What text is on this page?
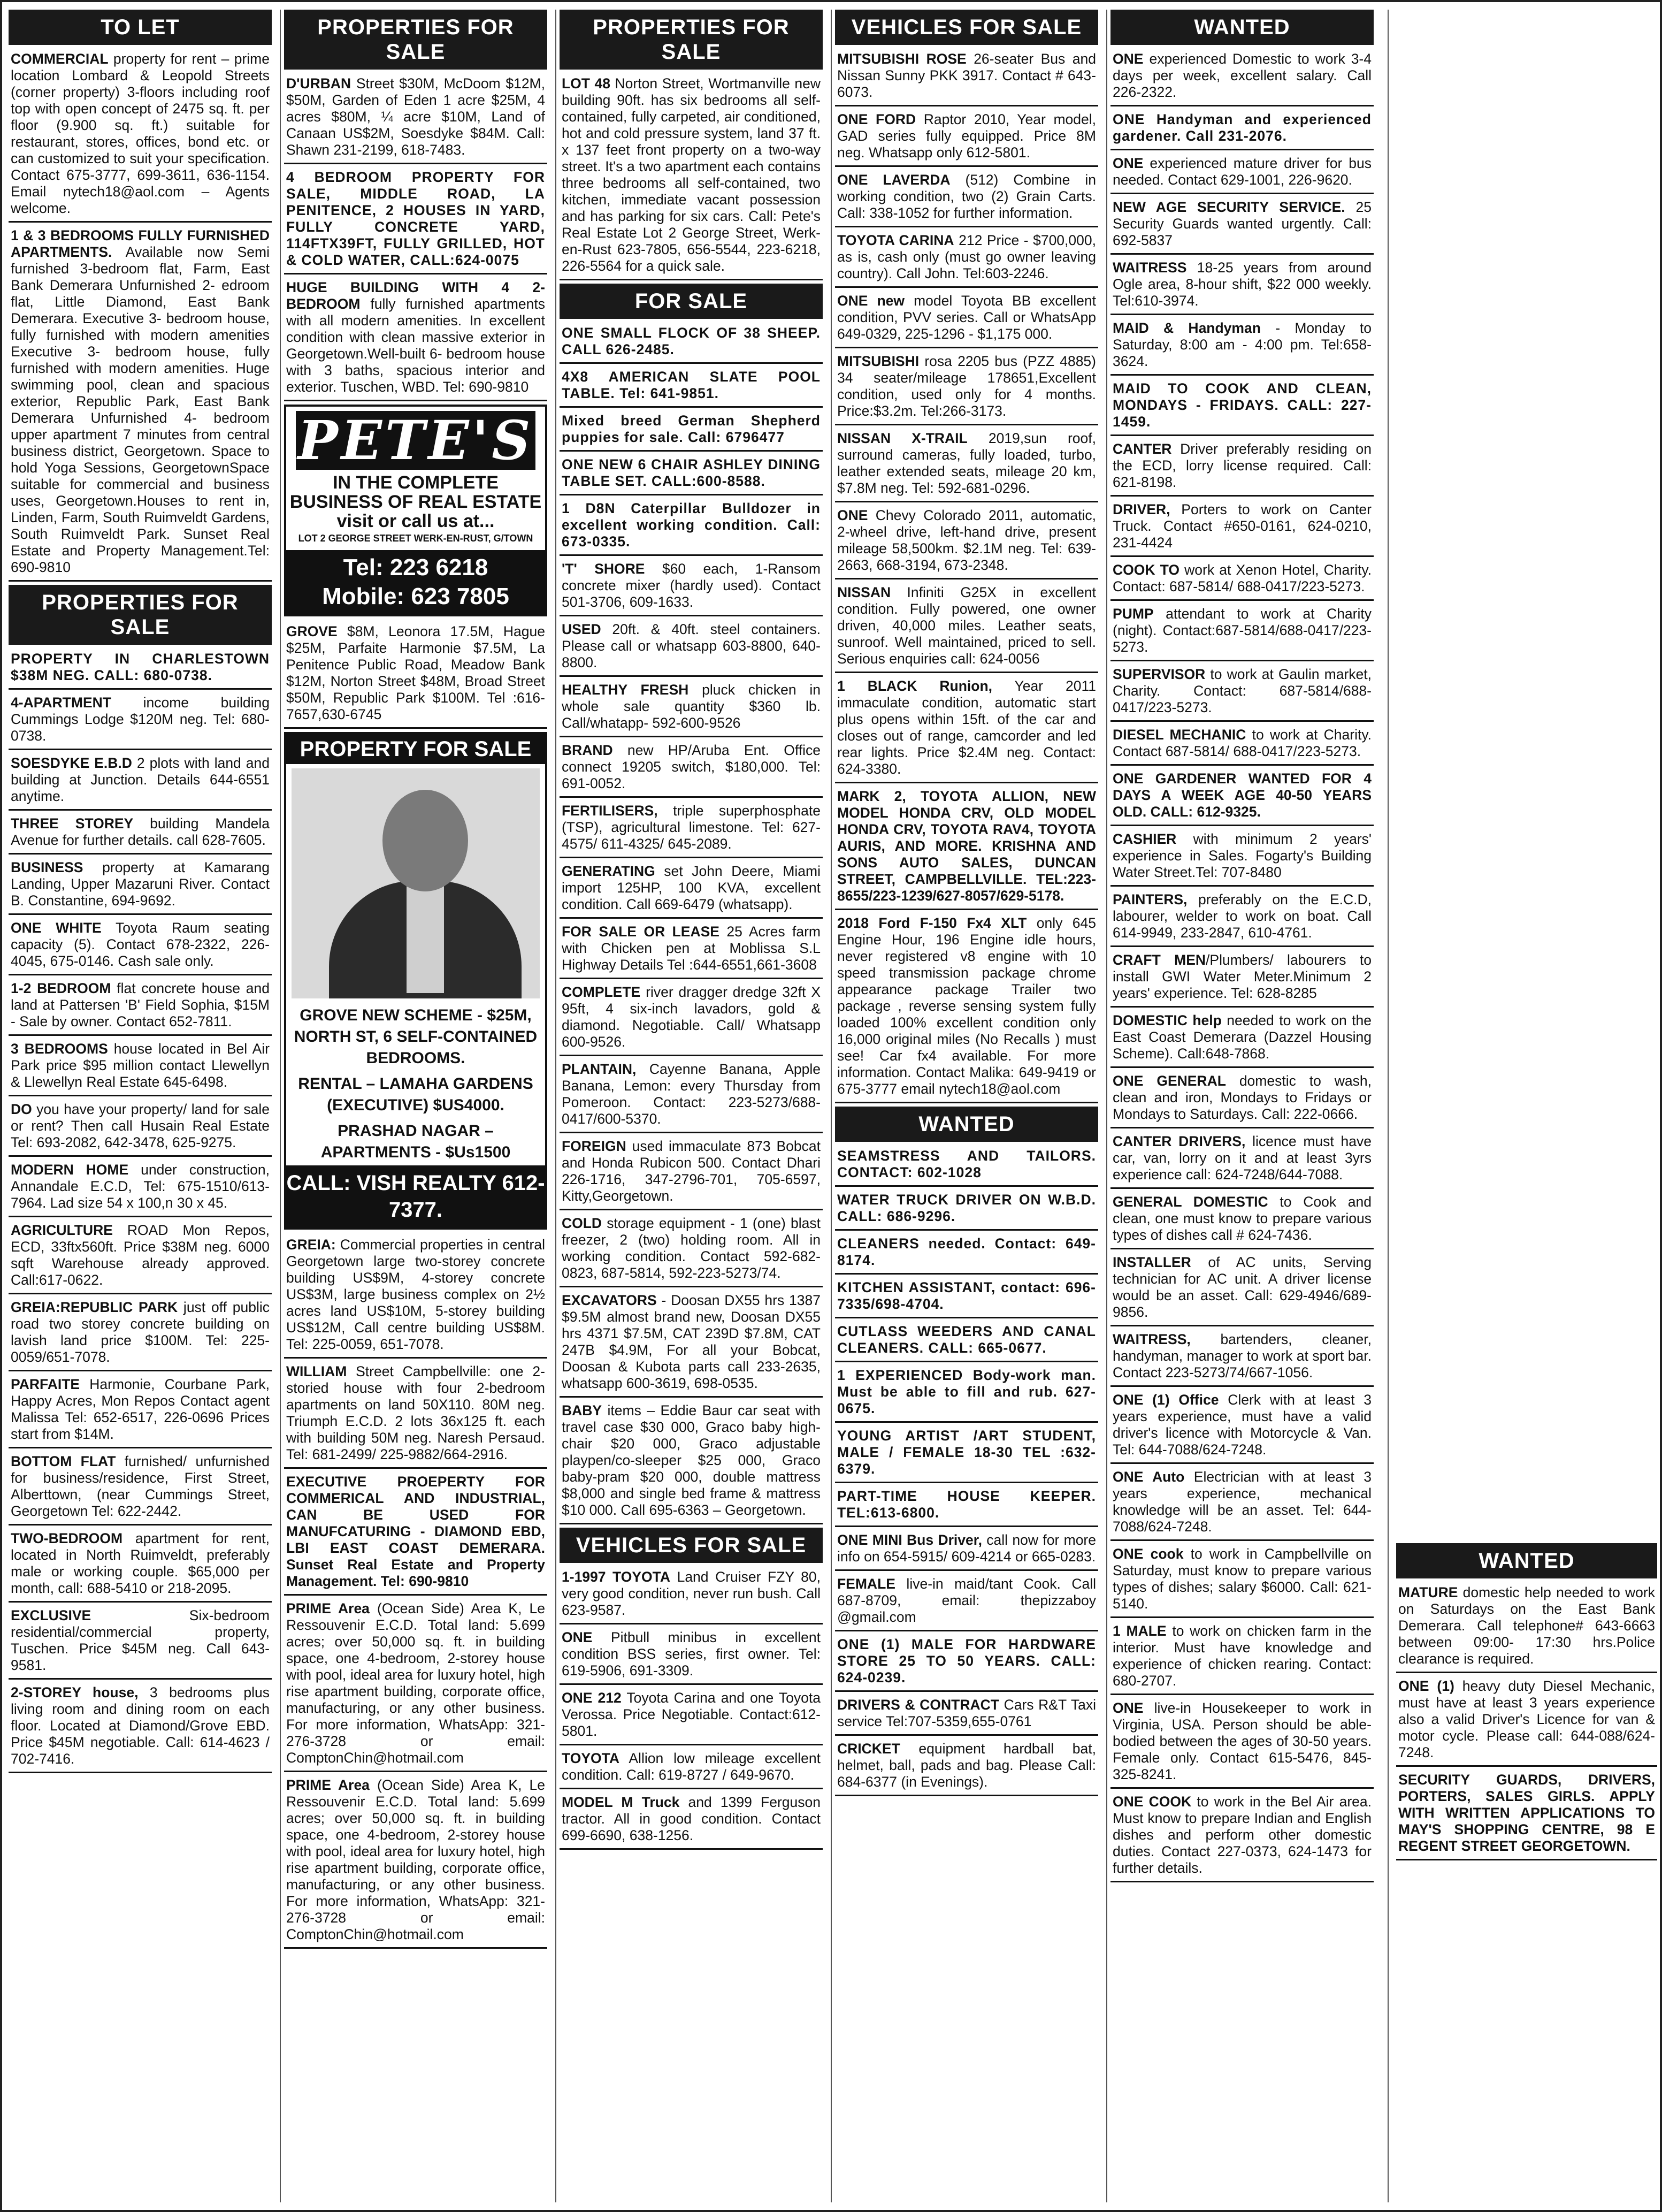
TO LET
COMMERCIAL property for rent – prime location Lombard & Leopold Streets (corner property) 3-floors including roof top with open concept of 2475 sq. ft. per floor (9.900 sq. ft.) suitable for restaurant, stores, offices, bond etc. or can customized to suit your specification. Contact 675-3777, 699-3611, 636-1154. Email nytech18@aol.com – Agents welcome.
1 & 3 BEDROOMS FULLY FURNISHED APARTMENTS. Available now Semi furnished 3-bedroom flat, Farm, East Bank Demerara Unfurnished 2- edroom flat, Little Diamond, East Bank Demerara. Executive 3- bedroom house, fully furnished with modern amenities Executive 3- bedroom house, fully furnished with modern amenities. Huge swimming pool, clean and spacious exterior, Republic Park, East Bank Demerara Unfurnished 4- bedroom upper apartment 7 minutes from central business district, Georgetown. Space to hold Yoga Sessions, GeorgetownSpace suitable for commercial and business uses, Georgetown.Houses to rent in, Linden, Farm, South Ruimveldt Gardens, South Ruimveldt Park. Sunset Real Estate and Property Management.Tel: 690-9810
PROPERTIES FOR SALE
PROPERTY IN CHARLESTOWN $38M NEG. CALL: 680-0738.
4-APARTMENT income building Cummings Lodge $120M neg. Tel: 680-0738.
SOESDYKE E.B.D 2 plots with land and building at Junction. Details 644-6551 anytime.
THREE STOREY building Mandela Avenue for further details. call 628-7605.
BUSINESS property at Kamarang Landing, Upper Mazaruni River. Contact B. Constantine, 694-9692.
ONE WHITE Toyota Raum seating capacity (5). Contact 678-2322, 226-4045, 675-0146. Cash sale only.
1-2 BEDROOM flat concrete house and land at Pattersen 'B' Field Sophia, $15M - Sale by owner. Contact 652-7811.
3 BEDROOMS house located in Bel Air Park price $95 million contact Llewellyn & Llewellyn Real Estate 645-6498.
DO you have your property/ land for sale or rent? Then call Husain Real Estate Tel: 693-2082, 642-3478, 625-9275.
MODERN HOME under construction, Annandale E.C.D, Tel: 675-1510/613-7964. Lad size 54 x 100,n 30 x 45.
AGRICULTURE ROAD Mon Repos, ECD, 33ftx560ft. Price $38M neg. 6000 sqft Warehouse already approved. Call:617-0622.
GREIA:REPUBLIC PARK just off public road two storey concrete building on lavish land price $100M. Tel: 225-0059/651-7078.
PARFAITE Harmonie, Courbane Park, Happy Acres, Mon Repos Contact agent Malissa Tel: 652-6517, 226-0696 Prices start from $14M.
BOTTOM FLAT furnished/ unfurnished for business/residence, First Street, Alberttown, (near Cummings Street, Georgetown Tel: 622-2442.
TWO-BEDROOM apartment for rent, located in North Ruimveldt, preferably male or working couple. $65,000 per month, call: 688-5410 or 218-2095.
EXCLUSIVE Six-bedroom residential/commercial property, Tuschen. Price $45M neg. Call 643-9581.
2-STOREY house, 3 bedrooms plus living room and dining room on each floor. Located at Diamond/Grove EBD. Price $45M negotiable. Call: 614-4623 / 702-7416.
PROPERTIES FOR SALE
D'URBAN Street $30M, McDoom $12M, $50M, Garden of Eden 1 acre $25M, 4 acres $80M, ¼ acre $10M, Land of Canaan US$2M, Soesdyke $84M. Call: Shawn 231-2199, 618-7483.
4 BEDROOM PROPERTY FOR SALE, MIDDLE ROAD, LA PENITENCE, 2 HOUSES IN YARD, FULLY CONCRETE YARD, 114FTX39FT, FULLY GRILLED, HOT & COLD WATER, CALL:624-0075
HUGE BUILDING WITH 4 2- BEDROOM fully furnished apartments with all modern amenities. In excellent condition with clean massive exterior in Georgetown.Well-built 6- bedroom house with 3 baths, spacious interior and exterior. Tuschen, WBD. Tel: 690-9810
PETE'S
IN THE COMPLETE BUSINESS OF REAL ESTATE visit or call us at...
LOT 2 GEORGE STREET WERK-EN-RUST, G/TOWN
Tel: 223 6218
Mobile: 623 7805
GROVE $8M, Leonora 17.5M, Hague $25M, Parfaite Harmonie $7.5M, La Penitence Public Road, Meadow Bank $12M, Norton Street $48M, Broad Street $50M, Republic Park $100M. Tel :616-7657,630-6745
PROPERTY FOR SALE
GROVE NEW SCHEME - $25M, NORTH ST, 6 SELF-CONTAINED BEDROOMS.
RENTAL – LAMAHA GARDENS (EXECUTIVE) $US4000.
PRASHAD NAGAR – APARTMENTS - $Us1500
CALL: VISH REALTY 612-7377.
GREIA: Commercial properties in central Georgetown large two-storey concrete building US$9M, 4-storey concrete US$3M, large business complex on 2½ acres land US$10M, 5-storey building US$12M, Call centre building US$8M. Tel: 225-0059, 651-7078.
WILLIAM Street Campbellville: one 2-storied house with four 2-bedroom apartments on land 50X110. 80M neg. Triumph E.C.D. 2 lots 36x125 ft. each with building 50M neg. Naresh Persaud. Tel: 681-2499/ 225-9882/664-2916.
EXECUTIVE PROEPERTY FOR COMMERICAL AND INDUSTRIAL, CAN BE USED FOR MANUFCATURING - DIAMOND EBD, LBI EAST COAST DEMERARA. Sunset Real Estate and Property Management. Tel: 690-9810
PRIME Area (Ocean Side) Area K, Le Ressouvenir E.C.D. Total land: 5.699 acres; over 50,000 sq. ft. in building space, one 4-bedroom, 2-storey house with pool, ideal area for luxury hotel, high rise apartment building, corporate office, manufacturing, or any other business. For more information, WhatsApp: 321-276-3728 or email: ComptonChin@hotmail.com
PRIME Area (Ocean Side) Area K, Le Ressouvenir E.C.D. Total land: 5.699 acres; over 50,000 sq. ft. in building space, one 4-bedroom, 2-storey house with pool, ideal area for luxury hotel, high rise apartment building, corporate office, manufacturing, or any other business. For more information, WhatsApp: 321-276-3728 or email: ComptonChin@hotmail.com
PROPERTIES FOR SALE
LOT 48 Norton Street, Wortmanville new building 90ft. has six bedrooms all self-contained, fully carpeted, air conditioned, hot and cold pressure system, land 37 ft. x 137 feet front property on a two-way street. It's a two apartment each contains three bedrooms all self-contained, two kitchen, immediate vacant possession and has parking for six cars. Call: Pete's Real Estate Lot 2 George Street, Werk-en-Rust 623-7805, 656-5544, 223-6218, 226-5564 for a quick sale.
FOR SALE
ONE SMALL FLOCK OF 38 SHEEP. CALL 626-2485.
4X8 AMERICAN SLATE POOL TABLE. Tel: 641-9851.
Mixed breed German Shepherd puppies for sale. Call: 6796477
ONE NEW 6 CHAIR ASHLEY DINING TABLE SET. CALL:600-8588.
1 D8N Caterpillar Bulldozer in excellent working condition. Call: 673-0335.
'T' SHORE $60 each, 1-Ransom concrete mixer (hardly used). Contact 501-3706, 609-1633.
USED 20ft. & 40ft. steel containers. Please call or whatsapp 603-8800, 640-8800.
HEALTHY FRESH pluck chicken in whole sale quantity $360 lb. Call/whatapp- 592-600-9526
BRAND new HP/Aruba Ent. Office connect 19205 switch, $180,000. Tel: 691-0052.
FERTILISERS, triple superphosphate (TSP), agricultural limestone. Tel: 627-4575/ 611-4325/ 645-2089.
GENERATING set John Deere, Miami import 125HP, 100 KVA, excellent condition. Call 669-6479 (whatsapp).
FOR SALE OR LEASE 25 Acres farm with Chicken pen at Moblissa S.L Highway Details Tel :644-6551,661-3608
COMPLETE river dragger dredge 32ft X 95ft, 4 six-inch lavadors, gold & diamond. Negotiable. Call/ Whatsapp 600-9526.
PLANTAIN, Cayenne Banana, Apple Banana, Lemon: every Thursday from Pomeroon. Contact: 223-5273/688-0417/600-5370.
FOREIGN used immaculate 873 Bobcat and Honda Rubicon 500. Contact Dhari 226-1716, 347-2796-701, 705-6597, Kitty,Georgetown.
COLD storage equipment - 1 (one) blast freezer, 2 (two) holding room. All in working condition. Contact 592-682-0823, 687-5814, 592-223-5273/74.
EXCAVATORS - Doosan DX55 hrs 1387 $9.5M almost brand new, Doosan DX55 hrs 4371 $7.5M, CAT 239D $7.8M, CAT 247B $4.9M, For all your Bobcat, Doosan & Kubota parts call 233-2635, whatsapp 600-3619, 698-0535.
BABY items – Eddie Baur car seat with travel case $30 000, Graco baby high-chair $20 000, Graco adjustable playpen/co-sleeper $25 000, Graco baby-pram $20 000, double mattress $8,000 and single bed frame & mattress $10 000. Call 695-6363 – Georgetown.
VEHICLES FOR SALE
1-1997 TOYOTA Land Cruiser FZY 80, very good condition, never run bush. Call 623-9587.
ONE Pitbull minibus in excellent condition BSS series, first owner. Tel: 619-5906, 691-3309.
ONE 212 Toyota Carina and one Toyota Verossa. Price Negotiable. Contact:612-5801.
TOYOTA Allion low mileage excellent condition. Call: 619-8727 / 649-9670.
MODEL M Truck and 1399 Ferguson tractor. All in good condition. Contact 699-6690, 638-1256.
VEHICLES FOR SALE
MITSUBISHI ROSE 26-seater Bus and Nissan Sunny PKK 3917. Contact # 643-6073.
ONE FORD Raptor 2010, Year model, GAD series fully equipped. Price 8M neg. Whatsapp only 612-5801.
ONE LAVERDA (512) Combine in working condition, two (2) Grain Carts. Call: 338-1052 for further information.
TOYOTA CARINA 212 Price - $700,000, as is, cash only (must go owner leaving country). Call John. Tel:603-2246.
ONE new model Toyota BB excellent condition, PVV series. Call or WhatsApp 649-0329, 225-1296 - $1,175 000.
MITSUBISHI rosa 2205 bus (PZZ 4885) 34 seater/mileage 178651,Excellent condition, used only for 4 months. Price:$3.2m. Tel:266-3173.
NISSAN X-TRAIL 2019,sun roof, surround cameras, fully loaded, turbo, leather extended seats, mileage 20 km, $7.8M neg. Tel: 592-681-0296.
ONE Chevy Colorado 2011, automatic, 2-wheel drive, left-hand drive, present mileage 58,500km. $2.1M neg. Tel: 639-2663, 668-3194, 673-2348.
NISSAN Infiniti G25X in excellent condition. Fully powered, one owner driven, 40,000 miles. Leather seats, sunroof. Well maintained, priced to sell. Serious enquiries call: 624-0056
1 BLACK Runion, Year 2011 immaculate condition, automatic start plus opens within 15ft. of the car and closes out of range, camcorder and led rear lights. Price $2.4M neg. Contact: 624-3380.
MARK 2, TOYOTA ALLION, NEW MODEL HONDA CRV, OLD MODEL HONDA CRV, TOYOTA RAV4, TOYOTA AURIS, AND MORE. KRISHNA AND SONS AUTO SALES, DUNCAN STREET, CAMPBELLVILLE. TEL:223-8655/223-1239/627-8057/629-5178.
2018 Ford F-150 Fx4 XLT only 645 Engine Hour, 196 Engine idle hours, never registered v8 engine with 10 speed transmission package chrome appearance package Trailer two package , reverse sensing system fully loaded 100% excellent condition only 16,000 original miles (No Recalls ) must see! Car fx4 available. For more information. Contact Malika: 649-9419 or 675-3777 email nytech18@aol.com
WANTED
SEAMSTRESS AND TAILORS. CONTACT: 602-1028
WATER TRUCK DRIVER ON W.B.D. CALL: 686-9296.
CLEANERS needed. Contact: 649-8174.
KITCHEN ASSISTANT, contact: 696-7335/698-4704.
CUTLASS WEEDERS AND CANAL CLEANERS. CALL: 665-0677.
1 EXPERIENCED Body-work man. Must be able to fill and rub. 627-0675.
YOUNG ARTIST /ART STUDENT, MALE / FEMALE 18-30 TEL :632-6379.
PART-TIME HOUSE KEEPER. TEL:613-6800.
ONE MINI Bus Driver, call now for more info on 654-5915/ 609-4214 or 665-0283.
FEMALE live-in maid/tant Cook. Call 687-8709, email: thepizzaboy @gmail.com
ONE (1) MALE FOR HARDWARE STORE 25 TO 50 YEARS. CALL: 624-0239.
DRIVERS & CONTRACT Cars R&T Taxi service Tel:707-5359,655-0761
CRICKET equipment hardball bat, helmet, ball, pads and bag. Please Call: 684-6377 (in Evenings).
WANTED
ONE experienced Domestic to work 3-4 days per week, excellent salary. Call 226-2322.
ONE Handyman and experienced gardener. Call 231-2076.
ONE experienced mature driver for bus needed. Contact 629-1001, 226-9620.
NEW AGE SECURITY SERVICE. 25 Security Guards wanted urgently. Call: 692-5837
WAITRESS 18-25 years from around Ogle area, 8-hour shift, $22 000 weekly. Tel:610-3974.
MAID & Handyman - Monday to Saturday, 8:00 am - 4:00 pm. Tel:658-3624.
MAID TO COOK AND CLEAN, MONDAYS - FRIDAYS. CALL: 227-1459.
CANTER Driver preferably residing on the ECD, lorry license required. Call: 621-8198.
DRIVER, Porters to work on Canter Truck. Contact #650-0161, 624-0210, 231-4424
COOK TO work at Xenon Hotel, Charity. Contact: 687-5814/ 688-0417/223-5273.
PUMP attendant to work at Charity (night). Contact:687-5814/688-0417/223-5273.
SUPERVISOR to work at Gaulin market, Charity. Contact: 687-5814/688-0417/223-5273.
DIESEL MECHANIC to work at Charity. Contact 687-5814/ 688-0417/223-5273.
ONE GARDENER WANTED FOR 4 DAYS A WEEK AGE 40-50 YEARS OLD. CALL: 612-9325.
CASHIER with minimum 2 years' experience in Sales. Fogarty's Building Water Street.Tel: 707-8480
PAINTERS, preferably on the E.C.D, labourer, welder to work on boat. Call 614-9949, 233-2847, 610-4761.
CRAFT MEN/Plumbers/ labourers to install GWI Water Meter.Minimum 2 years' experience. Tel: 628-8285
DOMESTIC help needed to work on the East Coast Demerara (Dazzel Housing Scheme). Call:648-7868.
ONE GENERAL domestic to wash, clean and iron, Mondays to Fridays or Mondays to Saturdays. Call: 222-0666.
CANTER DRIVERS, licence must have car, van, lorry on it and at least 3yrs experience call: 624-7248/644-7088.
GENERAL DOMESTIC to Cook and clean, one must know to prepare various types of dishes call # 624-7436.
INSTALLER of AC units, Serving technician for AC unit. A driver license would be an asset. Call: 629-4946/689-9856.
WAITRESS, bartenders, cleaner, handyman, manager to work at sport bar. Contact 223-5273/74/667-1056.
ONE (1) Office Clerk with at least 3 years experience, must have a valid driver's licence with Motorcycle & Van. Tel: 644-7088/624-7248.
ONE Auto Electrician with at least 3 years experience, mechanical knowledge will be an asset. Tel: 644-7088/624-7248.
ONE cook to work in Campbellville on Saturday, must know to prepare various types of dishes; salary $6000. Call: 621-5140.
1 MALE to work on chicken farm in the interior. Must have knowledge and experience of chicken rearing. Contact: 680-2707.
ONE live-in Housekeeper to work in Virginia, USA. Person should be able-bodied between the ages of 30-50 years. Female only. Contact 615-5476, 845-325-8241.
ONE COOK to work in the Bel Air area. Must know to prepare Indian and English dishes and perform other domestic duties. Contact 227-0373, 624-1473 for further details.
WANTED
MATURE domestic help needed to work on Saturdays on the East Bank Demerara. Call telephone# 643-6663 between 09:00- 17:30 hrs.Police clearance is required.
ONE (1) heavy duty Diesel Mechanic, must have at least 3 years experience also a valid Driver's Licence for van & motor cycle. Please call: 644-088/624-7248.
SECURITY GUARDS, DRIVERS, PORTERS, SALES GIRLS. APPLY WITH WRITTEN APPLICATIONS TO MAY'S SHOPPING CENTRE, 98 E REGENT STREET GEORGETOWN.
